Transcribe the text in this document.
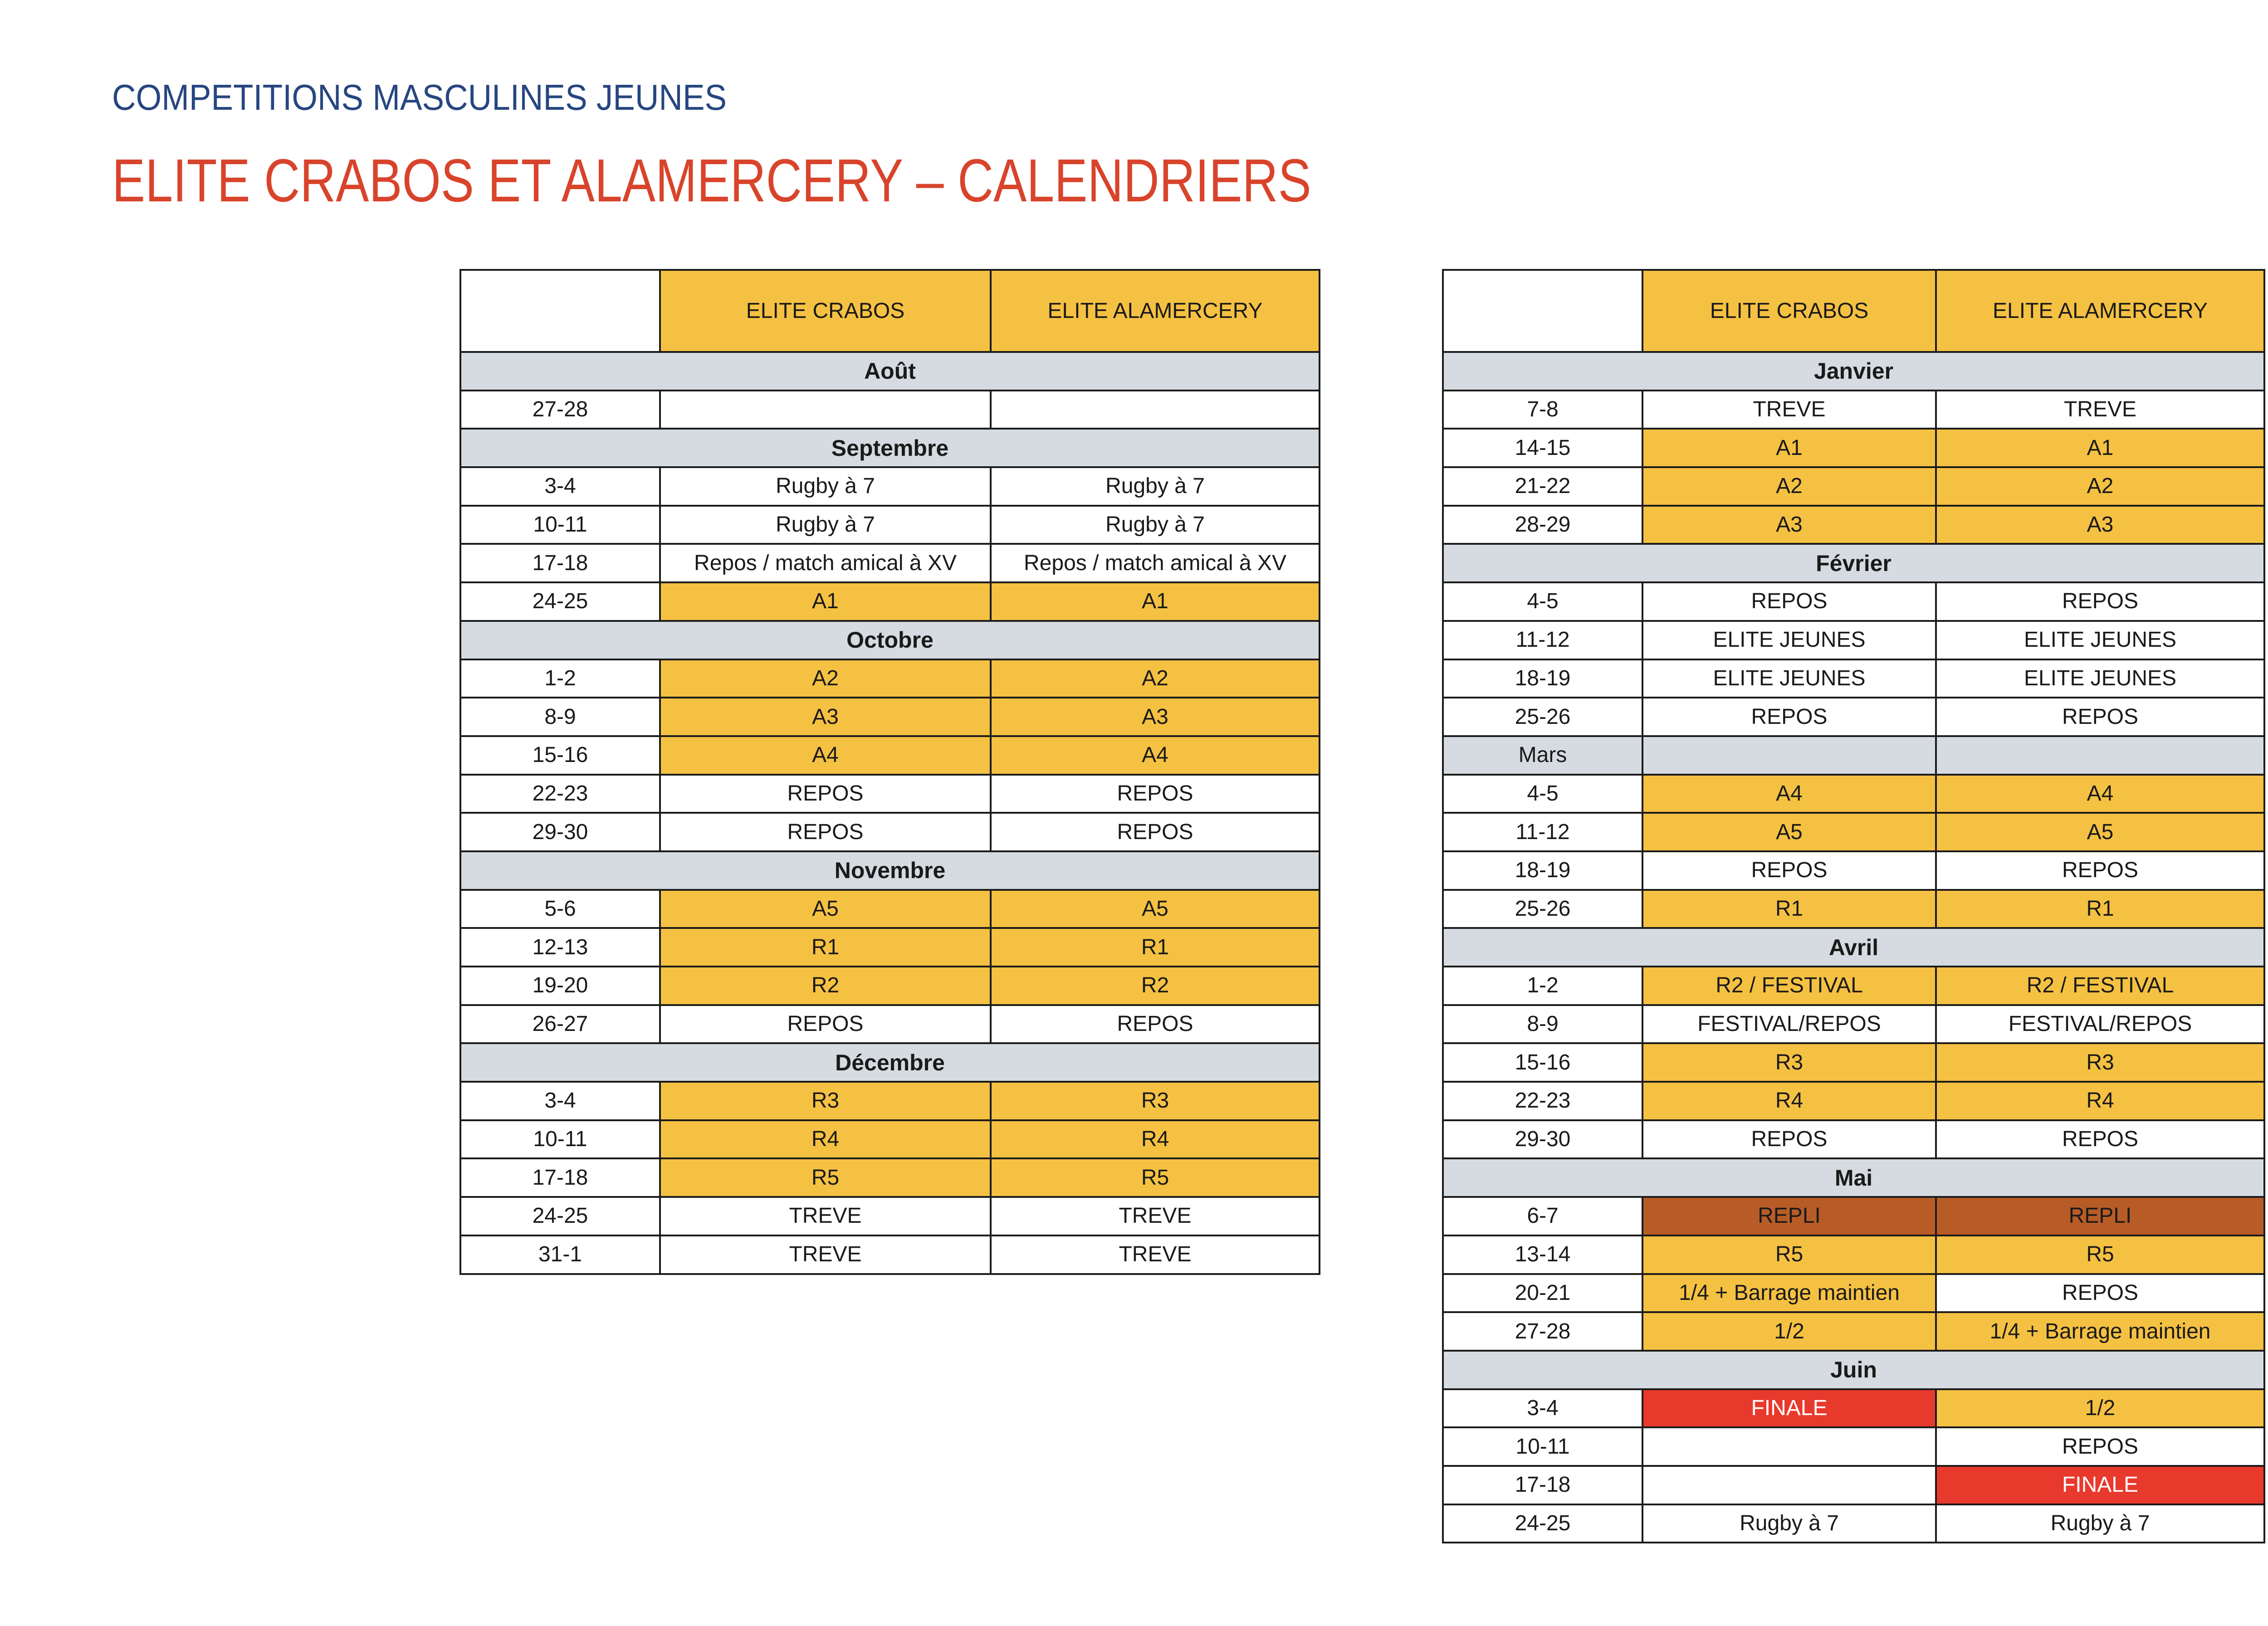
COMPETITIONS MASCULINES JEUNES
ELITE CRABOS ET ALAMERCERY – CALENDRIERS
	ELITE CRABOS	ELITE ALAMERCERY
Août		
27-28		
Septembre		
3-4	Rugby à 7	Rugby à 7
10-11	Rugby à 7	Rugby à 7
17-18	Repos / match amical à XV	Repos / match amical à XV
24-25	A1	A1
Octobre		
1-2	A2	A2
8-9	A3	A3
15-16	A4	A4
22-23	REPOS	REPOS
29-30	REPOS	REPOS
Novembre		
5-6	A5	A5
12-13	R1	R1
19-20	R2	R2
26-27	REPOS	REPOS
Décembre		
3-4	R3	R3
10-11	R4	R4
17-18	R5	R5
24-25	TREVE	TREVE
31-1	TREVE	TREVE
	ELITE CRABOS	ELITE ALAMERCERY
Janvier		
7-8	TREVE	TREVE
14-15	A1	A1
21-22	A2	A2
28-29	A3	A3
Février		
4-5	REPOS	REPOS
11-12	ELITE JEUNES	ELITE JEUNES
18-19	ELITE JEUNES	ELITE JEUNES
25-26	REPOS	REPOS
Mars		
4-5	A4	A4
11-12	A5	A5
18-19	REPOS	REPOS
25-26	R1	R1
Avril		
1-2	R2 / FESTIVAL	R2 / FESTIVAL
8-9	FESTIVAL/REPOS	FESTIVAL/REPOS
15-16	R3	R3
22-23	R4	R4
29-30	REPOS	REPOS
Mai		
6-7	REPLI	REPLI
13-14	R5	R5
20-21	1/4 + Barrage maintien	REPOS
27-28	1/2	1/4 + Barrage maintien
Juin		
3-4	FINALE	1/2
10-11		REPOS
17-18		FINALE
24-25	Rugby à 7	Rugby à 7
